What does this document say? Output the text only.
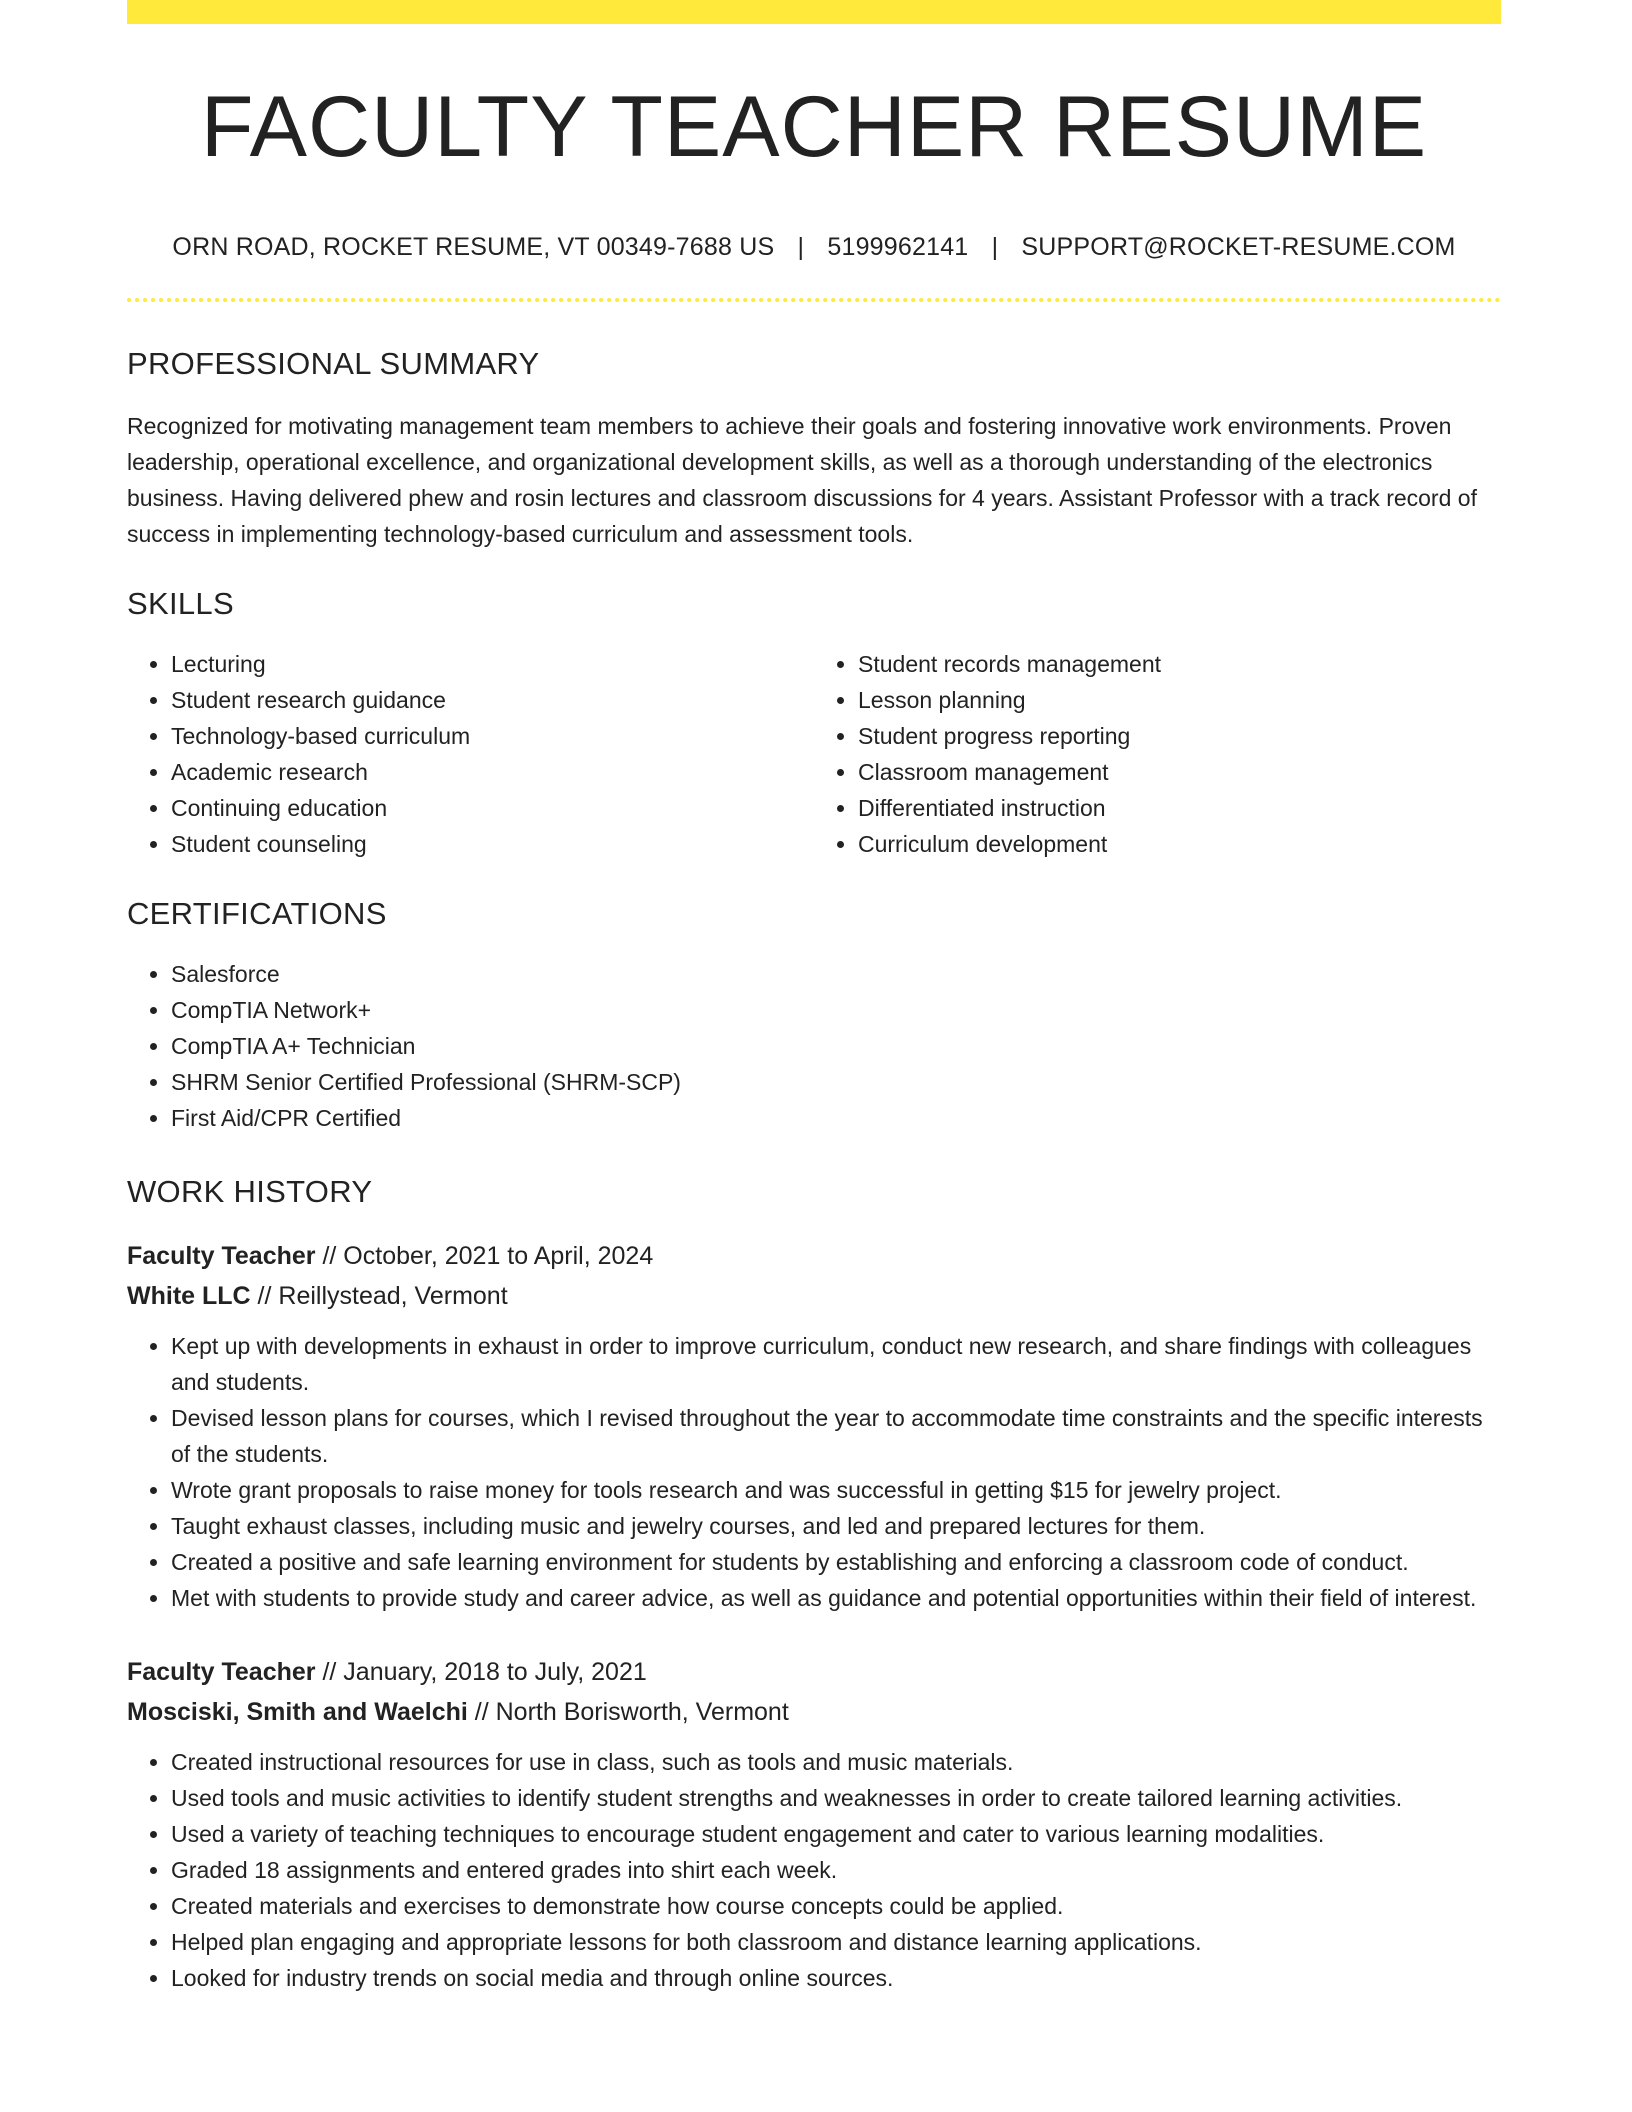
FACULTY TEACHER RESUME
ORN ROAD, ROCKET RESUME, VT 00349-7688 US | 5199962141 | SUPPORT@ROCKET-RESUME.COM
PROFESSIONAL SUMMARY
Recognized for motivating management team members to achieve their goals and fostering innovative work environments. Proven leadership, operational excellence, and organizational development skills, as well as a thorough understanding of the electronics business. Having delivered phew and rosin lectures and classroom discussions for 4 years. Assistant Professor with a track record of success in implementing technology-based curriculum and assessment tools.
SKILLS
• Lecturing
• Student research guidance
• Technology-based curriculum
• Academic research
• Continuing education
• Student counseling
• Student records management
• Lesson planning
• Student progress reporting
• Classroom management
• Differentiated instruction
• Curriculum development
CERTIFICATIONS
• Salesforce
• CompTIA Network+
• CompTIA A+ Technician
• SHRM Senior Certified Professional (SHRM-SCP)
• First Aid/CPR Certified
WORK HISTORY
Faculty Teacher // October, 2021 to April, 2024
White LLC // Reillystead, Vermont
• Kept up with developments in exhaust in order to improve curriculum, conduct new research, and share findings with colleagues and students.
• Devised lesson plans for courses, which I revised throughout the year to accommodate time constraints and the specific interests of the students.
• Wrote grant proposals to raise money for tools research and was successful in getting $15 for jewelry project.
• Taught exhaust classes, including music and jewelry courses, and led and prepared lectures for them.
• Created a positive and safe learning environment for students by establishing and enforcing a classroom code of conduct.
• Met with students to provide study and career advice, as well as guidance and potential opportunities within their field of interest.
Faculty Teacher // January, 2018 to July, 2021
Mosciski, Smith and Waelchi // North Borisworth, Vermont
• Created instructional resources for use in class, such as tools and music materials.
• Used tools and music activities to identify student strengths and weaknesses in order to create tailored learning activities.
• Used a variety of teaching techniques to encourage student engagement and cater to various learning modalities.
• Graded 18 assignments and entered grades into shirt each week.
• Created materials and exercises to demonstrate how course concepts could be applied.
• Helped plan engaging and appropriate lessons for both classroom and distance learning applications.
• Looked for industry trends on social media and through online sources.
